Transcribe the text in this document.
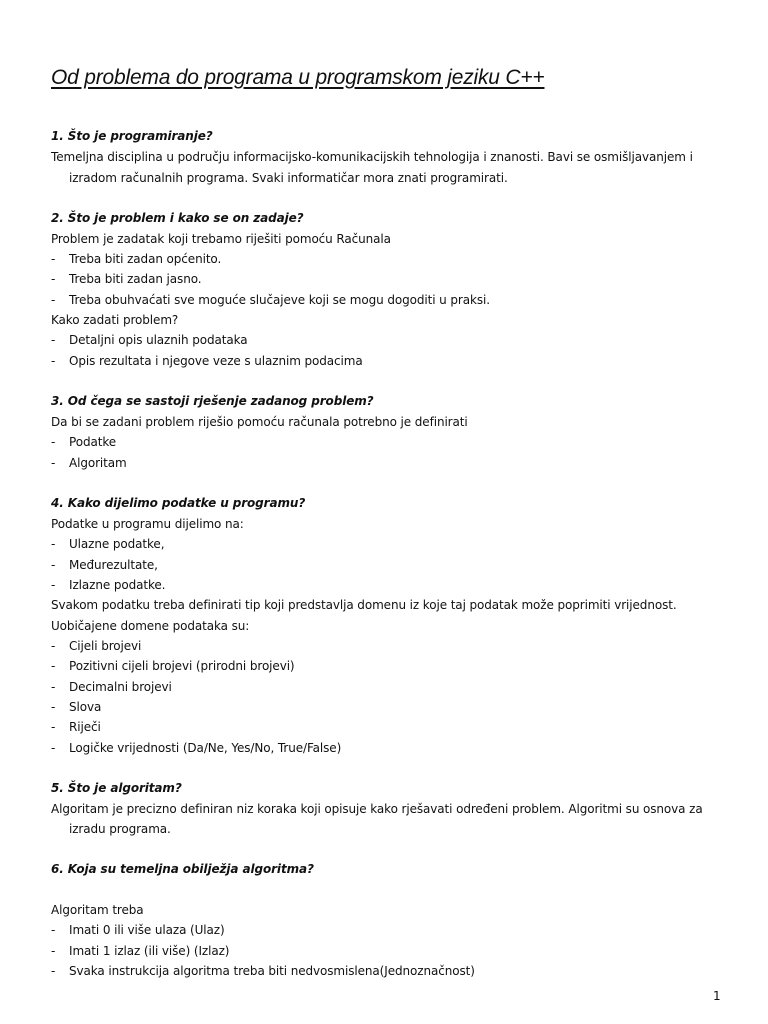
Od problema do programa u programskom jeziku C++
1. Što je programiranje?
Temeljna disciplina u području informacijsko-komunikacijskih tehnologija i znanosti. Bavi se osmišljavanjem i
izradom računalnih programa. Svaki informatičar mora znati programirati.
2. Što je problem i kako se on zadaje?
Problem je zadatak koji trebamo riješiti pomoću Računala
- Treba biti zadan općenito.
- Treba biti zadan jasno.
- Treba obuhvaćati sve moguće slučajeve koji se mogu dogoditi u praksi.
Kako zadati problem?
- Detaljni opis ulaznih podataka
- Opis rezultata i njegove veze s ulaznim podacima
3. Od čega se sastoji rješenje zadanog problem?
Da bi se zadani problem riješio pomoću računala potrebno je definirati
- Podatke
- Algoritam
4. Kako dijelimo podatke u programu?
Podatke u programu dijelimo na:
- Ulazne podatke,
- Međurezultate,
- Izlazne podatke.
Svakom podatku treba definirati tip koji predstavlja domenu iz koje taj podatak može poprimiti vrijednost.
Uobičajene domene podataka su:
- Cijeli brojevi
- Pozitivni cijeli brojevi (prirodni brojevi)
- Decimalni brojevi
- Slova
- Riječi
- Logičke vrijednosti (Da/Ne, Yes/No, True/False)
5. Što je algoritam?
Algoritam je precizno definiran niz koraka koji opisuje kako rješavati određeni problem. Algoritmi su osnova za
izradu programa.
6. Koja su temeljna obilježja algoritma?
Algoritam treba
- Imati 0 ili više ulaza (Ulaz)
- Imati 1 izlaz (ili više) (Izlaz)
- Svaka instrukcija algoritma treba biti nedvosmislena(Jednoznačnost)
1
